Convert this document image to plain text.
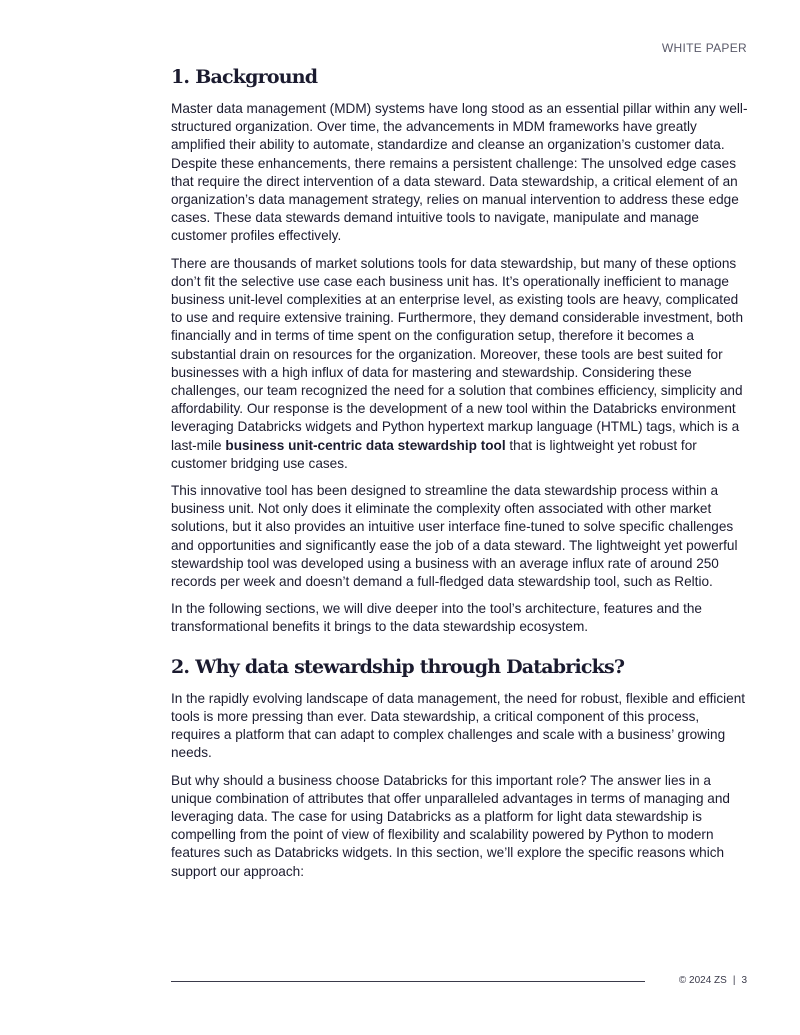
WHITE PAPER
1. Background

Master data management (MDM) systems have long stood as an essential pillar within any well-structured organization. Over time, the advancements in MDM frameworks have greatly amplified their ability to automate, standardize and cleanse an organization’s customer data. Despite these enhancements, there remains a persistent challenge: The unsolved edge cases that require the direct intervention of a data steward. Data stewardship, a critical element of an organization’s data management strategy, relies on manual intervention to address these edge cases. These data stewards demand intuitive tools to navigate, manipulate and manage customer profiles effectively.

There are thousands of market solutions tools for data stewardship, but many of these options don’t fit the selective use case each business unit has. It’s operationally inefficient to manage business unit-level complexities at an enterprise level, as existing tools are heavy, complicated to use and require extensive training. Furthermore, they demand considerable investment, both financially and in terms of time spent on the configuration setup, therefore it becomes a substantial drain on resources for the organization. Moreover, these tools are best suited for businesses with a high influx of data for mastering and stewardship. Considering these challenges, our team recognized the need for a solution that combines efficiency, simplicity and affordability. Our response is the development of a new tool within the Databricks environment leveraging Databricks widgets and Python hypertext markup language (HTML) tags, which is a last-mile business unit-centric data stewardship tool that is lightweight yet robust for customer bridging use cases.

This innovative tool has been designed to streamline the data stewardship process within a business unit. Not only does it eliminate the complexity often associated with other market solutions, but it also provides an intuitive user interface fine-tuned to solve specific challenges and opportunities and significantly ease the job of a data steward. The lightweight yet powerful stewardship tool was developed using a business with an average influx rate of around 250 records per week and doesn’t demand a full-fledged data stewardship tool, such as Reltio.

In the following sections, we will dive deeper into the tool’s architecture, features and the transformational benefits it brings to the data stewardship ecosystem.

2. Why data stewardship through Databricks?

In the rapidly evolving landscape of data management, the need for robust, flexible and efficient tools is more pressing than ever. Data stewardship, a critical component of this process, requires a platform that can adapt to complex challenges and scale with a business’ growing needs.

But why should a business choose Databricks for this important role? The answer lies in a unique combination of attributes that offer unparalleled advantages in terms of managing and leveraging data. The case for using Databricks as a platform for light data stewardship is compelling from the point of view of flexibility and scalability powered by Python to modern features such as Databricks widgets. In this section, we’ll explore the specific reasons which support our approach:

© 2024 ZS | 3
